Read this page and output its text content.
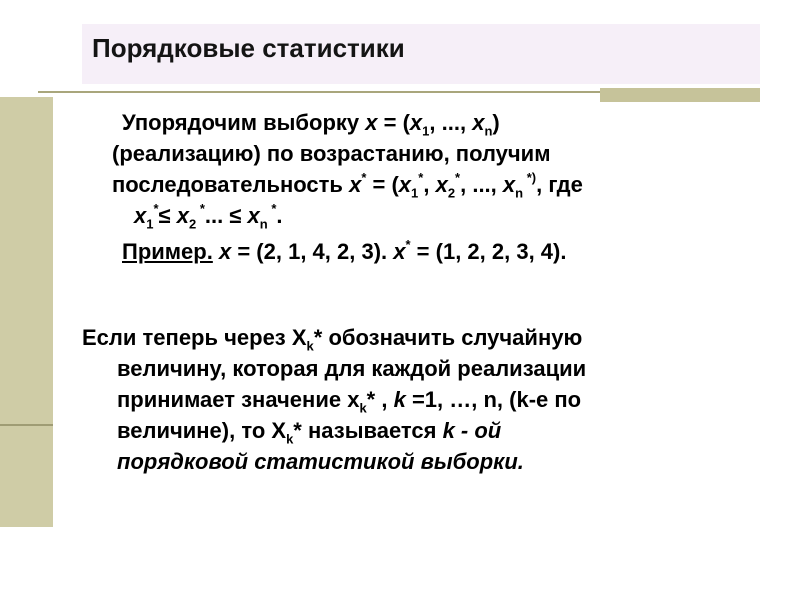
Порядковые статистики

Упорядочим выборку $x = (x_1$, ..., $x_n$)

(реализацию) по возрастанию, получим

последовательность $x^* = (x_1^*$, $x_2^*$, ..., $x_n$ *), где

$x_1^*\le x_2$ *... ≤ $x_n$ *.

Пример. x = (2, 1, 4, 2, 3). x* = (1, 2, 2, 3, 4).

Если теперь через $X_k*$ обозначить случайную

величину, которая для каждой реализации

принимает значение $x_k*$ , k =1, …, n, (k-е по

величине), то $X_k*$ называется k - ой

порядковой статистикой выборки.
